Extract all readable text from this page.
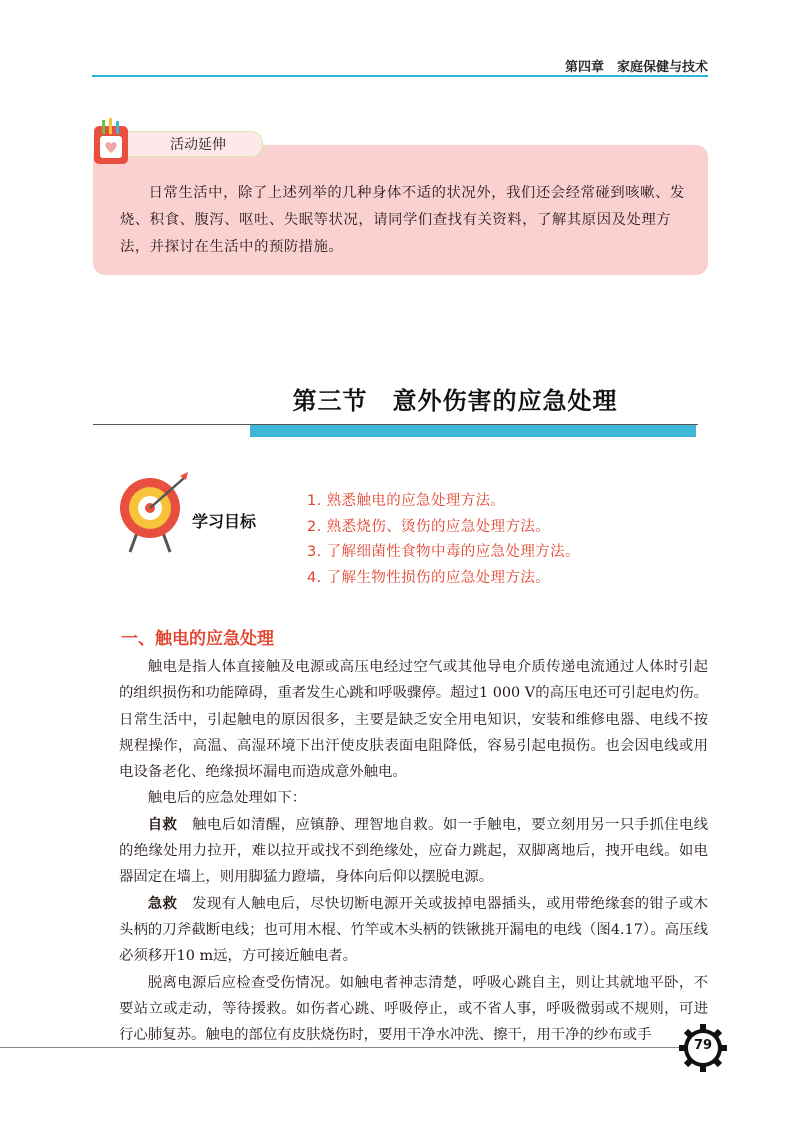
第四章　家庭保健与技术
活动延伸
日常生活中，除了上述列举的几种身体不适的状况外，我们还会经常碰到咳嗽、发烧、积食、腹泻、呕吐、失眠等状况，请同学们查找有关资料，了解其原因及处理方法，并探讨在生活中的预防措施。
第三节　意外伤害的应急处理
学习目标
1. 熟悉触电的应急处理方法。
2. 熟悉烧伤、烫伤的应急处理方法。
3. 了解细菌性食物中毒的应急处理方法。
4. 了解生物性损伤的应急处理方法。
一、触电的应急处理

触电是指人体直接触及电源或高压电经过空气或其他导电介质传递电流通过人体时引起的组织损伤和功能障碍，重者发生心跳和呼吸骤停。超过1 000 V的高压电还可引起电灼伤。日常生活中，引起触电的原因很多，主要是缺乏安全用电知识，安装和维修电器、电线不按规程操作，高温、高湿环境下出汗使皮肤表面电阻降低，容易引起电损伤。也会因电线或用电设备老化、绝缘损坏漏电而造成意外触电。

触电后的应急处理如下：

自救　 触电后如清醒，应镇静、理智地自救。如一手触电，要立刻用另一只手抓住电线的绝缘处用力拉开，难以拉开或找不到绝缘处，应奋力跳起，双脚离地后，拽开电线。如电器固定在墙上，则用脚猛力蹬墙，身体向后仰以摆脱电源。

急救　 发现有人触电后，尽快切断电源开关或拔掉电器插头，或用带绝缘套的钳子或木头柄的刀斧截断电线；也可用木棍、竹竿或木头柄的铁锹挑开漏电的电线（图4.17）。高压线必须移开10 m远，方可接近触电者。

脱离电源后应检查受伤情况。如触电者神志清楚，呼吸心跳自主，则让其就地平卧，不要站立或走动，等待援救。如伤者心跳、呼吸停止，或不省人事，呼吸微弱或不规则，可进行心肺复苏。触电的部位有皮肤烧伤时，要用干净水冲洗、擦干，用干净的纱布或手

79
